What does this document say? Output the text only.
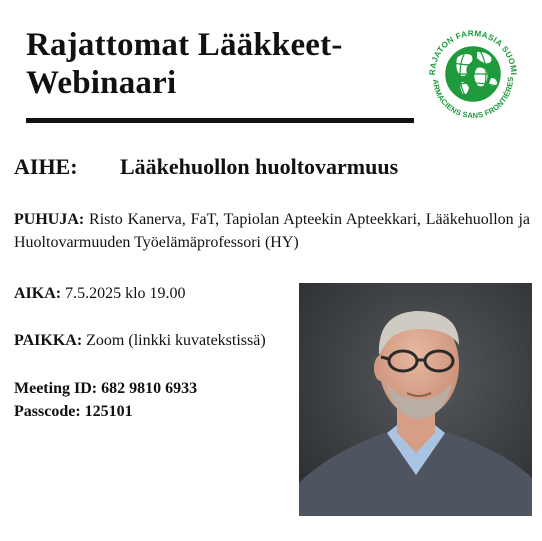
Rajattomat Lääkkeet-
Webinaari	RAJATON FARMASIA SUOMI
ARMACIENS SANS FRONTIÈRES
AIHE: Lääkehuollon huoltovarmuus
PUHUJA: Risto Kanerva, FaT, Tapiolan Apteekin Apteekkari, Lääkehuollon ja Huoltovarmuuden Työelämäprofessori (HY)
AIKA: 7.5.2025 klo 19.00
PAIKKA: Zoom (linkki kuvatekstissä)
Meeting ID: 682 9810 6933
Passcode: 125101
